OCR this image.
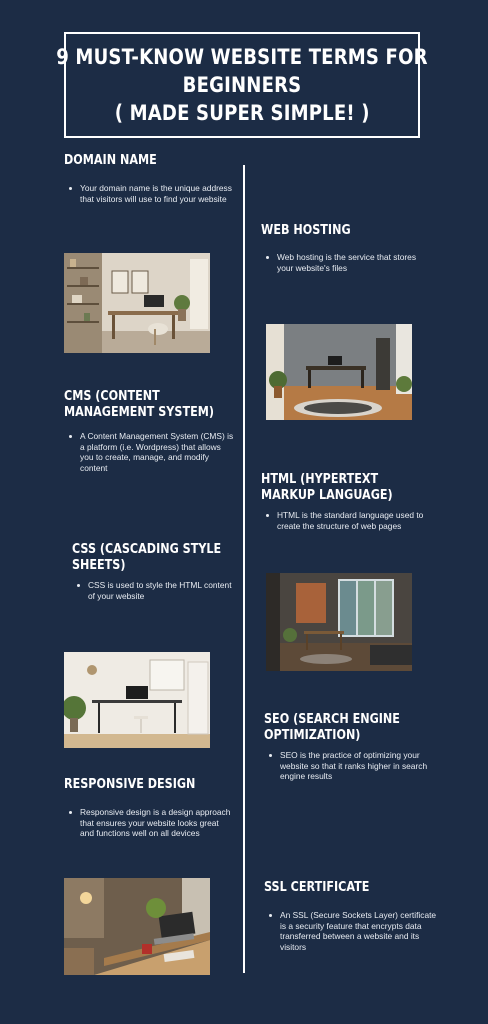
9 MUST-KNOW WEBSITE TERMS FOR
BEGINNERS
( MADE SUPER SIMPLE! )
DOMAIN NAME

Your domain name is the unique address that visitors will use to find your website

WEB HOSTING

Web hosting is the service that stores your website's files

CMS (CONTENT MANAGEMENT SYSTEM)

A Content Management System (CMS) is a platform (i.e. Wordpress) that allows you to create, manage, and modify content

HTML (HYPERTEXT MARKUP LANGUAGE)

HTML is the standard language used to create the structure of web pages

CSS (CASCADING STYLE SHEETS)

CSS is used to style the HTML content of your website

SEO (SEARCH ENGINE OPTIMIZATION)

SEO is the practice of optimizing your website so that it ranks higher in search engine results

RESPONSIVE DESIGN

Responsive design is a design approach that ensures your website looks great and functions well on all devices

SSL CERTIFICATE

An SSL (Secure Sockets Layer) certificate is a security feature that encrypts data transferred between a website and its visitors
